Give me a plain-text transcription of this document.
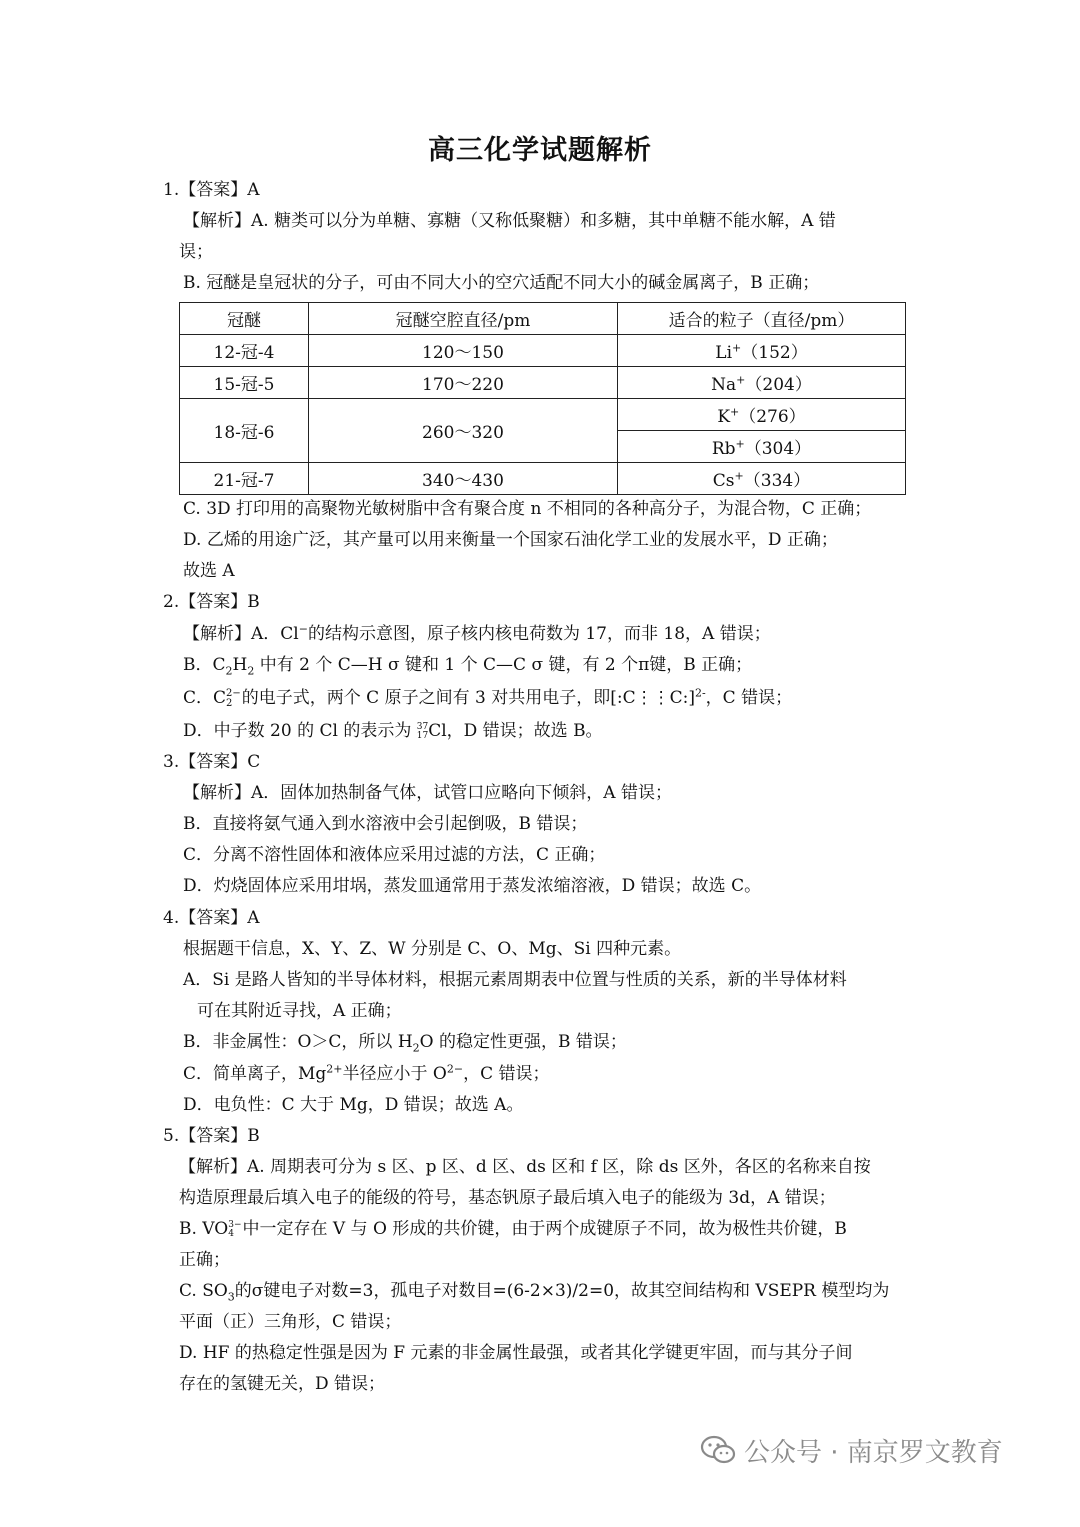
高三化学试题解析
1.【答案】A
【解析】A. 糖类可以分为单糖、寡糖（又称低聚糖）和多糖，其中单糖不能水解，A 错
误；
B. 冠醚是皇冠状的分子，可由不同大小的空穴适配不同大小的碱金属离子，B 正确；
冠醚	冠醚空腔直径/pm	适合的粒子（直径/pm）
12-冠-4	120～150	Li+（152）
15-冠-5	170～220	Na+（204）
18-冠-6	260～320	K+（276）
		Rb+（304）
21-冠-7	340～430	Cs+（334）
C. 3D 打印用的高聚物光敏树脂中含有聚合度 n 不相同的各种高分子，为混合物，C 正确；
D. 乙烯的用途广泛，其产量可以用来衡量一个国家石油化学工业的发展水平，D 正确；
故选 A
2.【答案】B
【解析】A．Cl−的结构示意图，原子核内核电荷数为 17，而非 18，A 错误；
B．$C_2H_2$ 中有 2 个 C—H σ 键和 1 个 C—C σ 键，有 2 个π键，B 正确；
C．C 2−
2 的电子式，两个 C 原子之间有 3 对共用电子，即[:C⋮⋮C:]$^{2-}$，C 错误；
D．中子数 20 的 Cl 的表示为 37
17 Cl，D 错误；故选 B。
3.【答案】C
【解析】A．固体加热制备气体，试管口应略向下倾斜，A 错误；
B．直接将氨气通入到水溶液中会引起倒吸，B 错误；
C．分离不溶性固体和液体应采用过滤的方法，C 正确；
D．灼烧固体应采用坩埚，蒸发皿通常用于蒸发浓缩溶液，D 错误；故选 C。
4.【答案】A
根据题干信息，X、Y、Z、W 分别是 C、O、Mg、Si 四种元素。
A．Si 是路人皆知的半导体材料，根据元素周期表中位置与性质的关系，新的半导体材料
可在其附近寻找，A 正确；
B．非金属性：O＞C，所以 $H_2O$ 的稳定性更强，B 错误；
C．简单离子，$Mg^{2+}$半径应小于 $O^{2-}$，C 错误；
D．电负性：C 大于 Mg，D 错误；故选 A。
5.【答案】B
【解析】A. 周期表可分为 s 区、p 区、d 区、ds 区和 f 区，除 ds 区外，各区的名称来自按
构造原理最后填入电子的能级的符号，基态钒原子最后填入电子的能级为 3d，A 错误；
B. VO 3−
4 中一定存在 V 与 O 形成的共价键，由于两个成键原子不同，故为极性共价键，B
正确；
C. $SO_3$的σ键电子对数=3，孤电子对数目=(6-2×3)/2=0，故其空间结构和 VSEPR 模型均为
平面（正）三角形，C 错误；
D. HF 的热稳定性强是因为 F 元素的非金属性最强，或者其化学键更牢固，而与其分子间
存在的氢键无关，D 错误；
公众号 · 南京罗文教育
